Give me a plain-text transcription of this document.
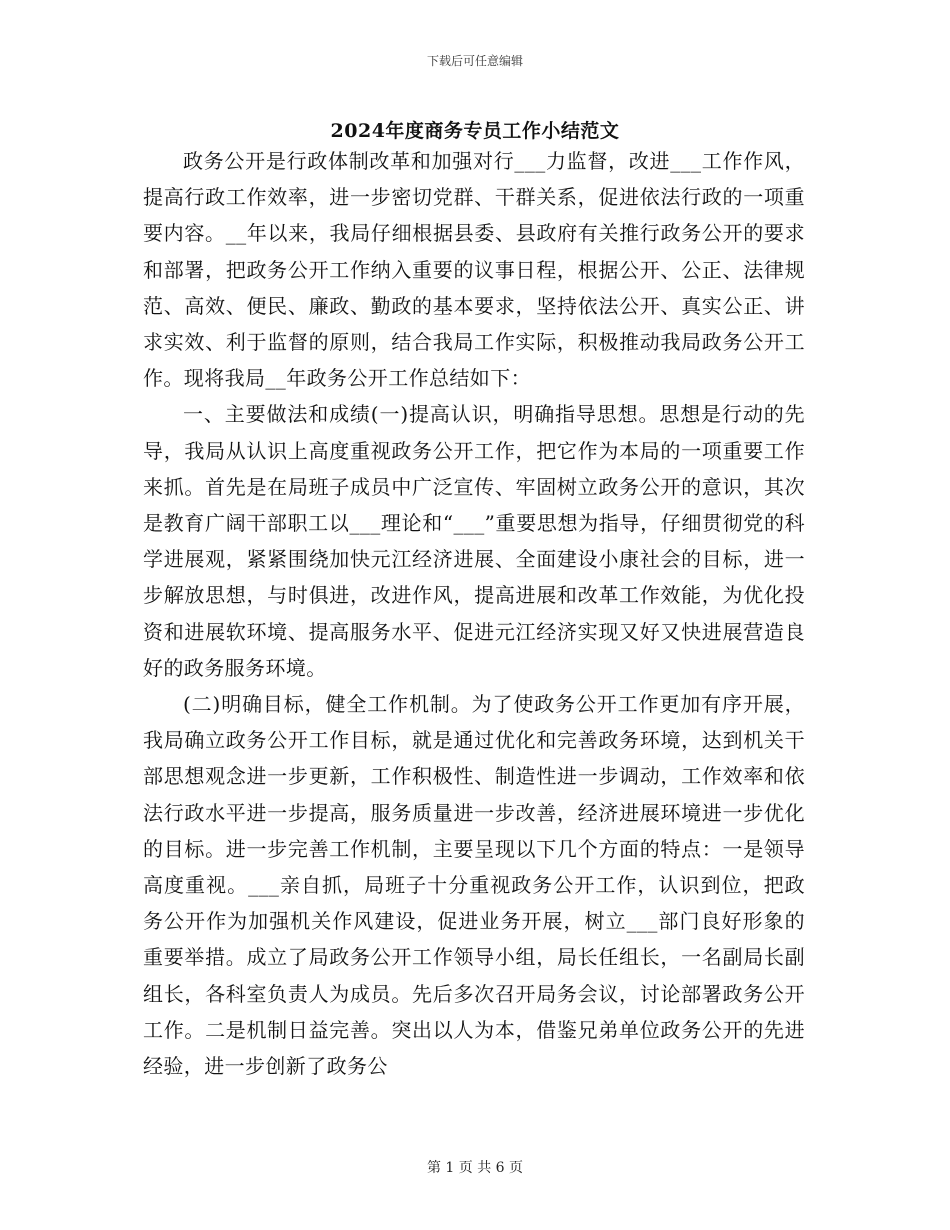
下载后可任意编辑
2024年度商务专员工作小结范文

政务公开是行政体制改革和加强对行___力监督，改进___工作作风，提高行政工作效率，进一步密切党群、干群关系，促进依法行政的一项重要内容。__年以来，我局仔细根据县委、县政府有关推行政务公开的要求和部署，把政务公开工作纳入重要的议事日程，根据公开、公正、法律规范、高效、便民、廉政、勤政的基本要求，坚持依法公开、真实公正、讲求实效、利于监督的原则，结合我局工作实际，积极推动我局政务公开工作。现将我局__年政务公开工作总结如下：

一、主要做法和成绩(一)提高认识，明确指导思想。思想是行动的先导，我局从认识上高度重视政务公开工作，把它作为本局的一项重要工作来抓。首先是在局班子成员中广泛宣传、牢固树立政务公开的意识，其次是教育广阔干部职工以___理论和“___”重要思想为指导，仔细贯彻党的科学进展观，紧紧围绕加快元江经济进展、全面建设小康社会的目标，进一步解放思想，与时俱进，改进作风，提高进展和改革工作效能，为优化投资和进展软环境、提高服务水平、促进元江经济实现又好又快进展营造良好的政务服务环境。

(二)明确目标，健全工作机制。为了使政务公开工作更加有序开展，我局确立政务公开工作目标，就是通过优化和完善政务环境，达到机关干部思想观念进一步更新，工作积极性、制造性进一步调动，工作效率和依法行政水平进一步提高，服务质量进一步改善，经济进展环境进一步优化的目标。进一步完善工作机制，主要呈现以下几个方面的特点：一是领导高度重视。___亲自抓，局班子十分重视政务公开工作，认识到位，把政务公开作为加强机关作风建设，促进业务开展，树立___部门良好形象的重要举措。成立了局政务公开工作领导小组，局长任组长，一名副局长副组长，各科室负责人为成员。先后多次召开局务会议，讨论部署政务公开工作。二是机制日益完善。突出以人为本，借鉴兄弟单位政务公开的先进经验，进一步创新了政务公

第 1 页 共 6 页
